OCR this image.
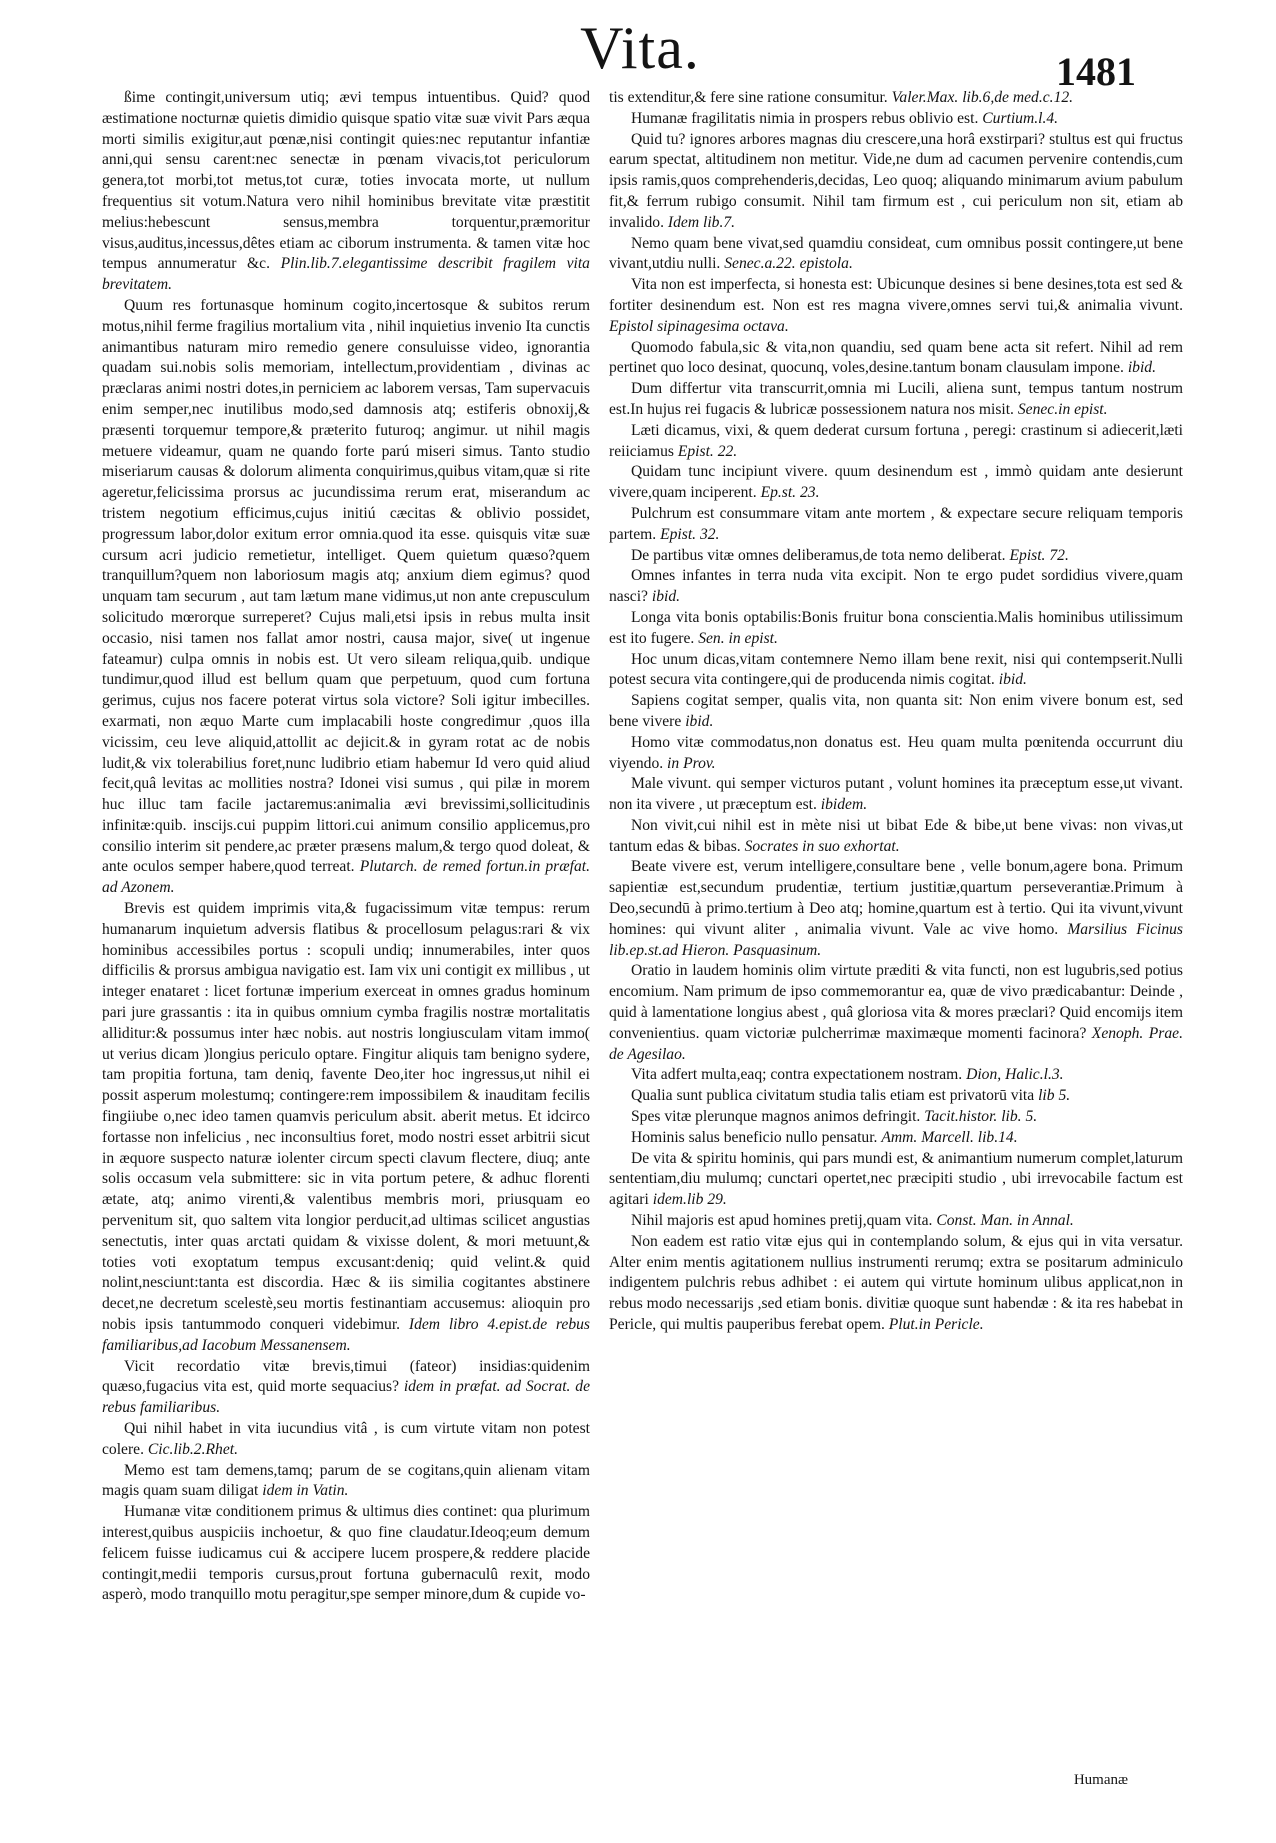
Vita.	1481

ßime contingit,universum utiq; ævi tempus intuentibus. Quid? quod æstimatione nocturnæ quietis dimidio quisque spatio vitæ suæ vivit Pars æqua morti similis exigitur,aut pœnæ,nisi contingit quies:nec reputantur infantiæ anni,qui sensu carent:nec senectæ in pœnam vivacis,tot periculorum genera,tot morbi,tot metus,tot curæ, toties invocata morte, ut nullum frequentius sit votum.Natura vero nihil hominibus brevitate vitæ præstitit melius:hebescunt sensus,membra torquentur,præmoritur visus,auditus,incessus,dêtes etiam ac ciborum instrumenta. & tamen vitæ hoc tempus annumeratur &c. Plin.lib.7.elegantissime describit fragilem vita brevitatem.

Quum res fortunasque hominum cogito,incertosque & subitos rerum motus,nihil ferme fragilius mortalium vita , nihil inquietius invenio Ita cunctis animantibus naturam miro remedio genere consuluisse video, ignorantia quadam sui.nobis solis memoriam, intellectum,providentiam , divinas ac præclaras animi nostri dotes,in perniciem ac laborem versas, Tam supervacuis enim semper,nec inutilibus modo,sed damnosis atq; estiferis obnoxij,& præsenti torquemur tempore,& præterito futuroq; angimur. ut nihil magis metuere videamur, quam ne quando forte parú miseri simus. Tanto studio miseriarum causas & dolorum alimenta conquirimus,quibus vitam,quæ si rite ageretur,felicissima prorsus ac jucundissima rerum erat, miserandum ac tristem negotium efficimus,cujus initiú cæcitas & oblivio possidet, progressum labor,dolor exitum error omnia.quod ita esse. quisquis vitæ suæ cursum acri judicio remetietur, intelliget. Quem quietum quæso?quem tranquillum?quem non laboriosum magis atq; anxium diem egimus? quod unquam tam securum , aut tam lætum mane vidimus,ut non ante crepusculum solicitudo mœrorque surreperet? Cujus mali,etsi ipsis in rebus multa insit occasio, nisi tamen nos fallat amor nostri, causa major, sive( ut ingenue fateamur) culpa omnis in nobis est. Ut vero sileam reliqua,quib. undique tundimur,quod illud est bellum quam que perpetuum, quod cum fortuna gerimus, cujus nos facere poterat virtus sola victore? Soli igitur imbecilles. exarmati, non æquo Marte cum implacabili hoste congredimur ,quos illa vicissim, ceu leve aliquid,attollit ac dejicit.& in gyram rotat ac de nobis ludit,& vix tolerabilius foret,nunc ludibrio etiam habemur Id vero quid aliud fecit,quâ levitas ac mollities nostra? Idonei visi sumus , qui pilæ in morem huc illuc tam facile jactaremus:animalia ævi brevissimi,sollicitudinis infinitæ:quib. inscijs.cui puppim littori.cui animum consilio applicemus,pro consilio interim sit pendere,ac præter præsens malum,& tergo quod doleat, & ante oculos semper habere,quod terreat. Plutarch. de remed fortun.in præfat. ad Azonem.

Brevis est quidem imprimis vita,& fugacissimum vitæ tempus: rerum humanarum inquietum adversis flatibus & procellosum pelagus:rari & vix hominibus accessibiles portus : scopuli undiq; innumerabiles, inter quos difficilis & prorsus ambigua navigatio est. Iam vix uni contigit ex millibus , ut integer enataret : licet fortunæ imperium exerceat in omnes gradus hominum pari jure grassantis : ita in quibus omnium cymba fragilis nostræ mortalitatis alliditur:& possumus inter hæc nobis. aut nostris longiusculam vitam immo( ut verius dicam )longius periculo optare. Fingitur aliquis tam benigno sydere, tam propitia fortuna, tam deniq, favente Deo,iter hoc ingressus,ut nihil ei possit asperum molestumq; contingere:rem impossibilem & inauditam fecilis fingiiube o,nec ideo tamen quamvis periculum absit. aberit metus. Et idcirco fortasse non infelicius , nec inconsultius foret, modo nostri esset arbitrii sicut in æquore suspecto naturæ iolenter circum specti clavum flectere, diuq; ante solis occasum vela submittere: sic in vita portum petere, & adhuc florenti ætate, atq; animo virenti,& valentibus membris mori, priusquam eo pervenitum sit, quo saltem vita longior perducit,ad ultimas scilicet angustias senectutis, inter quas arctati quidam & vixisse dolent, & mori metuunt,& toties voti exoptatum tempus excusant:deniq; quid velint.& quid nolint,nesciunt:tanta est discordia. Hæc & iis similia cogitantes abstinere decet,ne decretum scelestè,seu mortis festinantiam accusemus: alioquin pro nobis ipsis tantummodo conqueri videbimur. Idem libro 4.epist.de rebus familiaribus,ad Iacobum Messanensem.

Vicit recordatio vitæ brevis,timui (fateor) insidias:quidenim quæso,fugacius vita est, quid morte sequacius? idem in præfat. ad Socrat. de rebus familiaribus.

Qui nihil habet in vita iucundius vitâ , is cum virtute vitam non potest colere. Cic.lib.2.Rhet.

Memo est tam demens,tamq; parum de se cogitans,quin alienam vitam magis quam suam diligat idem in Vatin.

Humanæ vitæ conditionem primus & ultimus dies continet: qua plurimum interest,quibus auspiciis inchoetur, & quo fine claudatur.Ideoq;eum demum felicem fuisse iudicamus cui & accipere lucem prospere,& reddere placide contingit,medii temporis cursus,prout fortuna gubernaculû rexit, modo asperò, modo tranquillo motu peragitur,spe semper minore,dum & cupide vo-

tis extenditur,& fere sine ratione consumitur. Valer.Max. lib.6,de med.c.12.

Humanæ fragilitatis nimia in prospers rebus oblivio est. Curtium.l.4.

Quid tu? ignores arbores magnas diu crescere,una horâ exstirpari? stultus est qui fructus earum spectat, altitudinem non metitur. Vide,ne dum ad cacumen pervenire contendis,cum ipsis ramis,quos comprehenderis,decidas, Leo quoq; aliquando minimarum avium pabulum fit,& ferrum rubigo consumit. Nihil tam firmum est , cui periculum non sit, etiam ab invalido. Idem lib.7.

Nemo quam bene vivat,sed quamdiu consideat, cum omnibus possit contingere,ut bene vivant,utdiu nulli. Senec.a.22. epistola.

Vita non est imperfecta, si honesta est: Ubicunque desines si bene desines,tota est sed & fortiter desinendum est. Non est res magna vivere,omnes servi tui,& animalia vivunt. Epistol sipinagesima octava.

Quomodo fabula,sic & vita,non quandiu, sed quam bene acta sit refert. Nihil ad rem pertinet quo loco desinat, quocunq, voles,desine.tantum bonam clausulam impone. ibid.

Dum differtur vita transcurrit,omnia mi Lucili, aliena sunt, tempus tantum nostrum est.In hujus rei fugacis & lubricæ possessionem natura nos misit. Senec.in epist.

Læti dicamus, vixi, & quem dederat cursum fortuna , peregi: crastinum si adiecerit,læti reiiciamus Epist. 22.

Quidam tunc incipiunt vivere. quum desinendum est , immò quidam ante desierunt vivere,quam inciperent. Ep.st. 23.

Pulchrum est consummare vitam ante mortem , & expectare secure reliquam temporis partem. Epist. 32.

De partibus vitæ omnes deliberamus,de tota nemo deliberat. Epist. 72.

Omnes infantes in terra nuda vita excipit. Non te ergo pudet sordidius vivere,quam nasci? ibid.

Longa vita bonis optabilis:Bonis fruitur bona conscientia.Malis hominibus utilissimum est ito fugere. Sen. in epist.

Hoc unum dicas,vitam contemnere Nemo illam bene rexit, nisi qui contempserit.Nulli potest secura vita contingere,qui de producenda nimis cogitat. ibid.

Sapiens cogitat semper, qualis vita, non quanta sit: Non enim vivere bonum est, sed bene vivere ibid.

Homo vitæ commodatus,non donatus est. Heu quam multa pœnitenda occurrunt diu viyendo. in Prov.

Male vivunt. qui semper victuros putant , volunt homines ita præceptum esse,ut vivant. non ita vivere , ut præceptum est. ibidem.

Non vivit,cui nihil est in mète nisi ut bibat Ede & bibe,ut bene vivas: non vivas,ut tantum edas & bibas. Socrates in suo exhortat.

Beate vivere est, verum intelligere,consultare bene , velle bonum,agere bona. Primum sapientiæ est,secundum prudentiæ, tertium justitiæ,quartum perseverantiæ.Primum à Deo,secundū à primo.tertium à Deo atq; homine,quartum est à tertio. Qui ita vivunt,vivunt homines: qui vivunt aliter , animalia vivunt. Vale ac vive homo. Marsilius Ficinus lib.ep.st.ad Hieron. Pasquasinum.

Oratio in laudem hominis olim virtute præditi & vita functi, non est lugubris,sed potius encomium. Nam primum de ipso commemorantur ea, quæ de vivo prædicabantur: Deinde , quid à lamentatione longius abest , quâ gloriosa vita & mores præclari? Quid encomijs item convenientius. quam victoriæ pulcherrimæ maximæque momenti facinora? Xenoph. Prae. de Agesilao.

Vita adfert multa,eaq; contra expectationem nostram. Dion, Halic.l.3.

Qualia sunt publica civitatum studia talis etiam est privatorū vita lib 5.

Spes vitæ plerunque magnos animos defringit. Tacit.histor. lib. 5.

Hominis salus beneficio nullo pensatur. Amm. Marcell. lib.14.

De vita & spiritu hominis, qui pars mundi est, & animantium numerum complet,laturum sententiam,diu mulumq; cunctari opertet,nec præcipiti studio , ubi irrevocabile factum est agitari idem.lib 29.

Nihil majoris est apud homines pretij,quam vita. Const. Man. in Annal.

Non eadem est ratio vitæ ejus qui in contemplando solum, & ejus qui in vita versatur. Alter enim mentis agitationem nullius instrumenti rerumq; extra se positarum adminiculo indigentem pulchris rebus adhibet : ei autem qui virtute hominum ulibus applicat,non in rebus modo necessarijs ,sed etiam bonis. divitiæ quoque sunt habendæ : & ita res habebat in Pericle, qui multis pauperibus ferebat opem. Plut.in Pericle.

Humanæ
